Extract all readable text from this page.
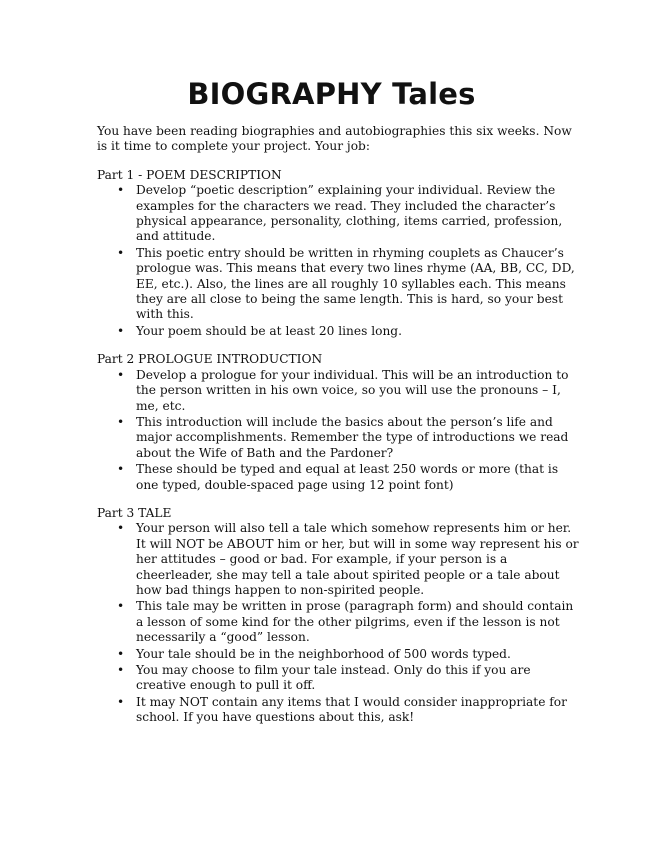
BIOGRAPHY Tales

You have been reading biographies and autobiographies this six weeks. Now is it time to complete your project. Your job:

Part 1 - POEM DESCRIPTION

• Develop “poetic description” explaining your individual. Review the examples for the characters we read. They included the character’s physical appearance, personality, clothing, items carried, profession, and attitude.
• This poetic entry should be written in rhyming couplets as Chaucer’s prologue was. This means that every two lines rhyme (AA, BB, CC, DD, EE, etc.). Also, the lines are all roughly 10 syllables each. This means they are all close to being the same length. This is hard, so your best with this.
• Your poem should be at least 20 lines long.

Part 2 PROLOGUE INTRODUCTION

• Develop a prologue for your individual. This will be an introduction to the person written in his own voice, so you will use the pronouns – I, me, etc.
• This introduction will include the basics about the person’s life and major accomplishments. Remember the type of introductions we read about the Wife of Bath and the Pardoner?
• These should be typed and equal at least 250 words or more (that is one typed, double-spaced page using 12 point font)

Part 3 TALE

• Your person will also tell a tale which somehow represents him or her. It will NOT be ABOUT him or her, but will in some way represent his or her attitudes – good or bad. For example, if your person is a cheerleader, she may tell a tale about spirited people or a tale about how bad things happen to non-spirited people.
• This tale may be written in prose (paragraph form) and should contain a lesson of some kind for the other pilgrims, even if the lesson is not necessarily a “good” lesson.
• Your tale should be in the neighborhood of 500 words typed.
• You may choose to film your tale instead. Only do this if you are creative enough to pull it off.
• It may NOT contain any items that I would consider inappropriate for school. If you have questions about this, ask!
